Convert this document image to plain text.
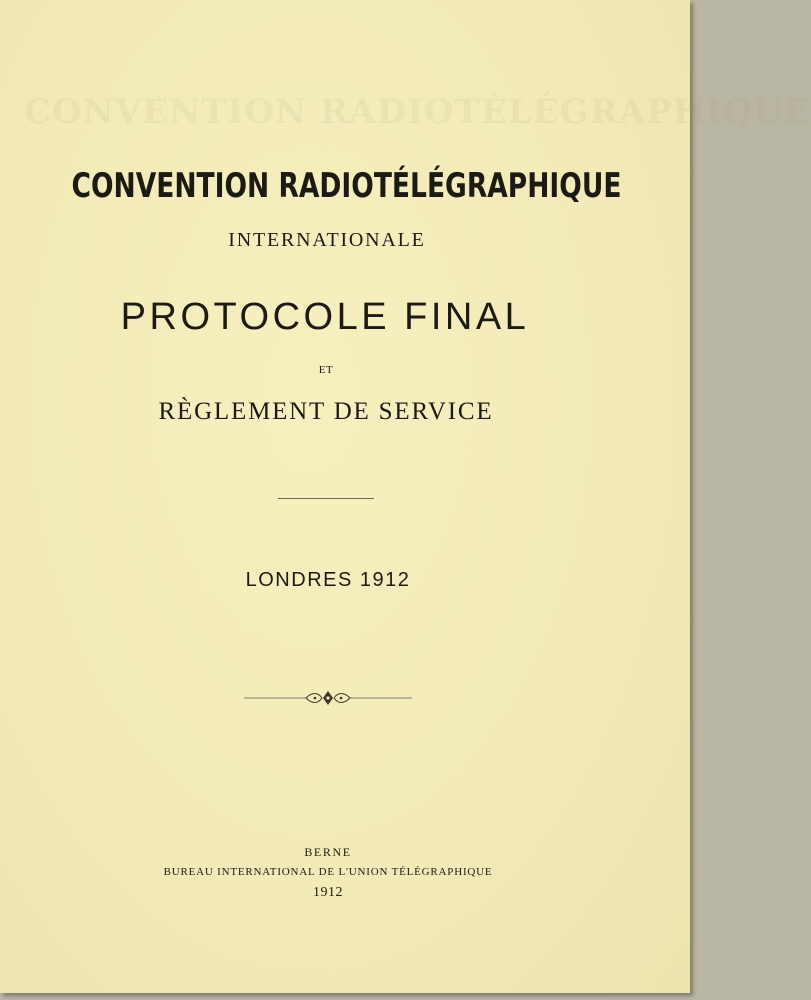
CONVENTION RADIOTÉLÉGRAPHIQUE
CONVENTION RADIOTÉLÉGRAPHIQUE
INTERNATIONALE
PROTOCOLE FINAL
ET
RÈGLEMENT DE SERVICE
LONDRES 1912
BERNE
BUREAU INTERNATIONAL DE L'UNION TÉLÉGRAPHIQUE
1912
